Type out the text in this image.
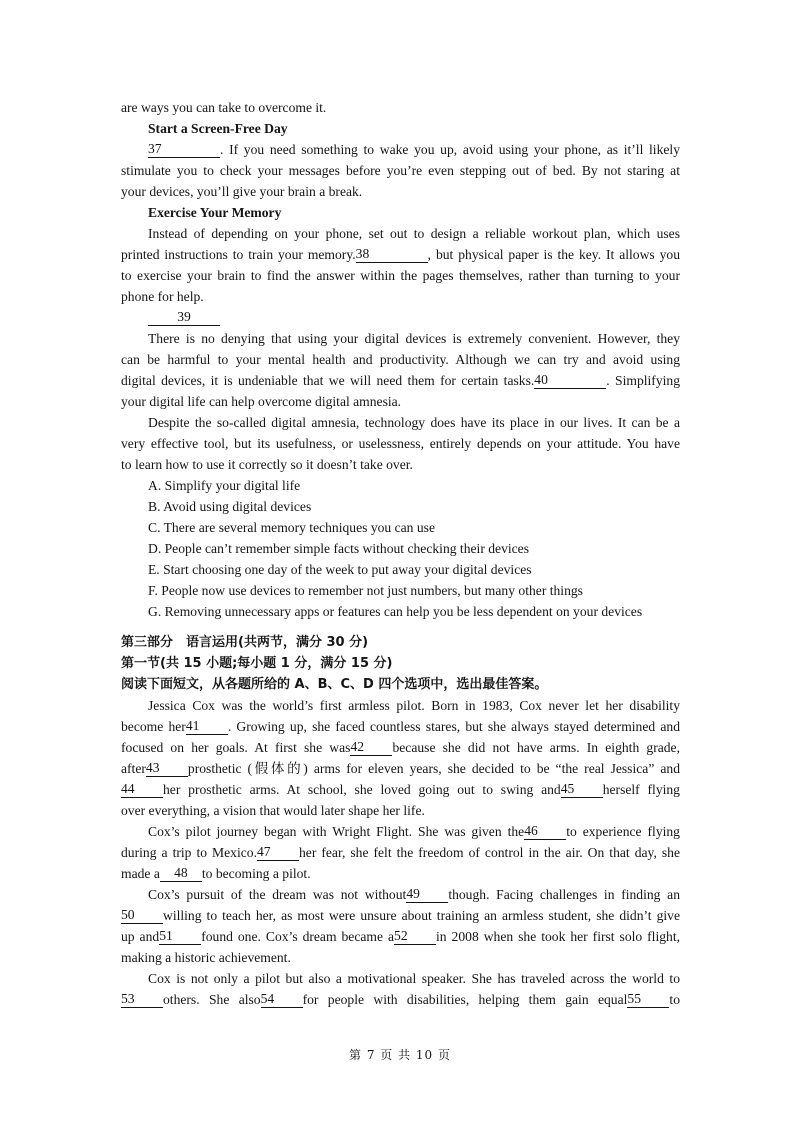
are ways you can take to overcome it.
Start a Screen-Free Day
37	. If you need something to wake you up, avoid using your phone, as it’ll likely
stimulate you to check your messages before you’re even stepping out of bed. By not staring at
your devices, you’ll give your brain a break.
Exercise Your Memory
Instead of depending on your phone, set out to design a reliable workout plan, which uses
printed instructions to train your memory.38	, but physical paper is the key. It allows you
to exercise your brain to find the answer within the pages themselves, rather than turning to your
phone for help.
39
There is no denying that using your digital devices is extremely convenient. However, they
can be harmful to your mental health and productivity. Although we can try and avoid using
digital devices, it is undeniable that we will need them for certain tasks.40	. Simplifying
your digital life can help overcome digital amnesia.
Despite the so-called digital amnesia, technology does have its place in our lives. It can be a
very effective tool, but its usefulness, or uselessness, entirely depends on your attitude. You have
to learn how to use it correctly so it doesn’t take over.
A. Simplify your digital life
B. Avoid using digital devices
C. There are several memory techniques you can use
D. People can’t remember simple facts without checking their devices
E. Start choosing one day of the week to put away your digital devices
F. People now use devices to remember not just numbers, but many other things
G. Removing unnecessary apps or features can help you be less dependent on your devices
第三部分　语言运用(共两节，满分 30 分)
第一节(共 15 小题;每小题 1 分，满分 15 分)
阅读下面短文，从各题所给的 A、B、C、D 四个选项中，选出最佳答案。
Jessica Cox was the world’s first armless pilot. Born in 1983, Cox never let her disability
become her41 . Growing up, she faced countless stares, but she always stayed determined and
focused on her goals. At first she was42 because she did not have arms. In eighth grade,
after43 prosthetic (假体的) arms for eleven years, she decided to be “the real Jessica” and
44 her prosthetic arms. At school, she loved going out to swing and45 herself flying
over everything, a vision that would later shape her life.
Cox’s pilot journey began with Wright Flight. She was given the46 to experience flying
during a trip to Mexico.47 her fear, she felt the freedom of control in the air. On that day, she
made a 48 to becoming a pilot.
Cox’s pursuit of the dream was not without49 though. Facing challenges in finding an
50 willing to teach her, as most were unsure about training an armless student, she didn’t give
up and51 found one. Cox’s dream became a52 in 2008 when she took her first solo flight,
making a historic achievement.
Cox is not only a pilot but also a motivational speaker. She has traveled across the world to
53 others. She also54 for people with disabilities, helping them gain equal55 to
第 7 页 共 10 页
